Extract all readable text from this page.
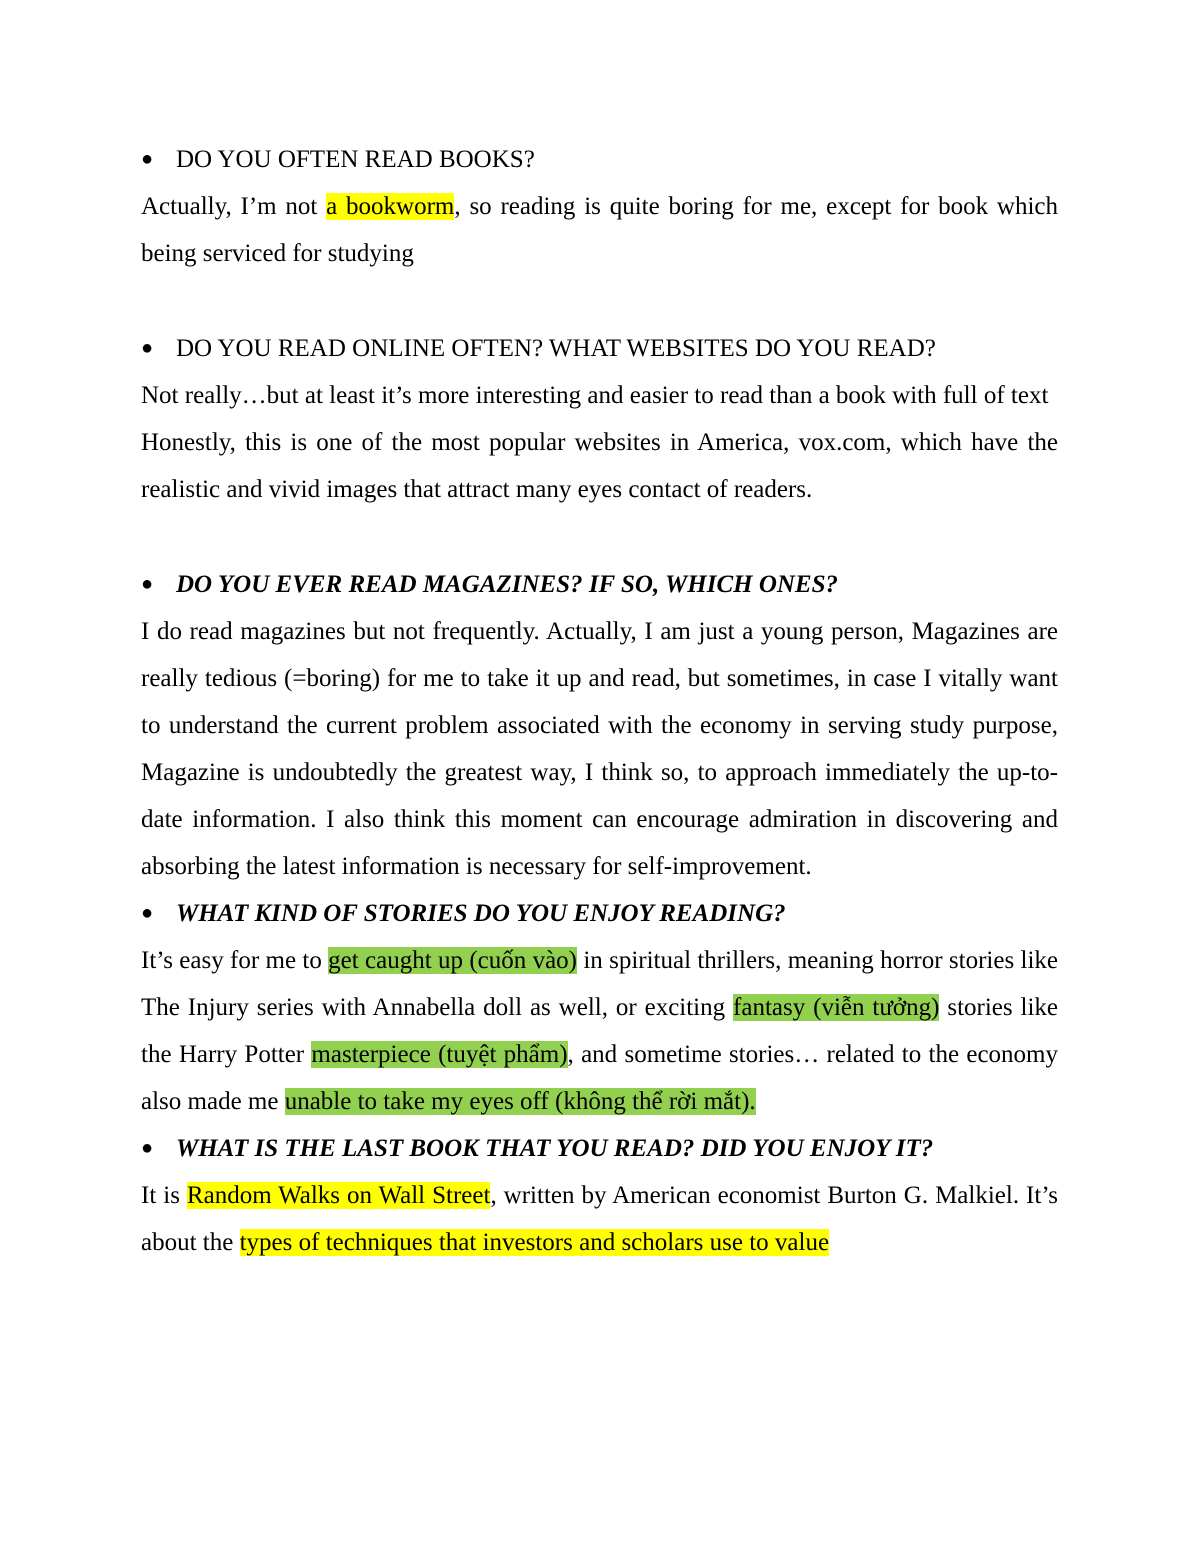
● DO YOU OFTEN READ BOOKS?

Actually, I’m not a bookworm, so reading is quite boring for me, except for book which being serviced for studying

● DO YOU READ ONLINE OFTEN? WHAT WEBSITES DO YOU READ?

Not really…but at least it’s more interesting and easier to read than a book with full of text

Honestly, this is one of the most popular websites in America, vox.com, which have the realistic and vivid images that attract many eyes contact of readers.

● DO YOU EVER READ MAGAZINES? IF SO, WHICH ONES?

I do read magazines but not frequently. Actually, I am just a young person, Magazines are really tedious (=boring) for me to take it up and read, but sometimes, in case I vitally want to understand the current problem associated with the economy in serving study purpose, Magazine is undoubtedly the greatest way, I think so, to approach immediately the up-to-date information. I also think this moment can encourage admiration in discovering and absorbing the latest information is necessary for self-improvement.

● WHAT KIND OF STORIES DO YOU ENJOY READING?

It’s easy for me to get caught up (cuốn vào) in spiritual thrillers, meaning horror stories like The Injury series with Annabella doll as well, or exciting fantasy (viễn tưởng) stories like the Harry Potter masterpiece (tuyệt phẩm), and sometime stories… related to the economy also made me unable to take my eyes off (không thể rời mắt).

● WHAT IS THE LAST BOOK THAT YOU READ? DID YOU ENJOY IT?

It is Random Walks on Wall Street, written by American economist Burton G. Malkiel. It’s about the types of techniques that investors and scholars use to value
